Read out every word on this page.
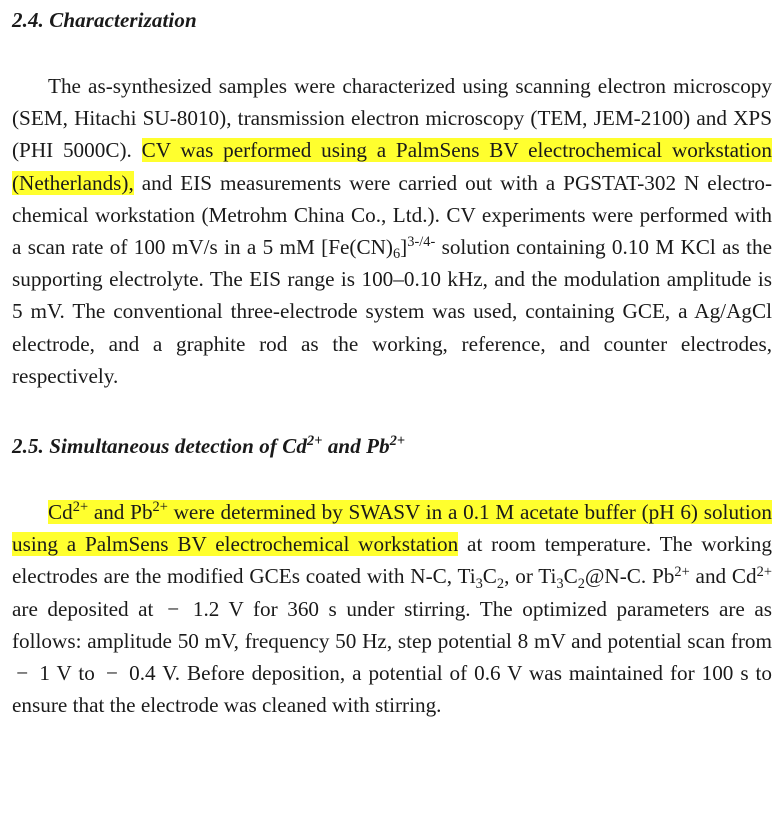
2.4. Characterization

The as-synthesized samples were characterized using scanning electron microscopy (SEM, Hitachi SU-8010), transmission electron microscopy (TEM, JEM-2100) and XPS (PHI 5000C). CV was performed using a PalmSens BV electrochemical workstation (Netherlands), and EIS measurements were carried out with a PGSTAT-302 N electrochemical workstation (Metrohm China Co., Ltd.). CV experiments were performed with a scan rate of 100 mV/s in a 5 mM $[Fe(CN)_6]^{3-/4-}$ solution containing 0.10 M KCl as the supporting electrolyte. The EIS range is 100–0.10 kHz, and the modulation amplitude is 5 mV. The conventional three-electrode system was used, containing GCE, a Ag/AgCl electrode, and a graphite rod as the working, reference, and counter electrodes, respectively.

2.5. Simultaneous detection of $Cd^{2+}$ and $Pb^{2+}$

$Cd^{2+}$ and $Pb^{2+}$ were determined by SWASV in a 0.1 M acetate buffer (pH 6) solution using a PalmSens BV electrochemical workstation at room temperature. The working electrodes are the modified GCEs coated with N-C, $Ti_3C_2$, or $Ti_3C_2@N-C$. $Pb^{2+}$ and $Cd^{2+}$ are deposited at  −  1.2 V for 360 s under stirring. The optimized parameters are as follows: amplitude 50 mV, frequency 50 Hz, step potential 8 mV and potential scan from  −  1 V to  −  0.4 V. Before deposition, a potential of 0.6 V was maintained for 100 s to ensure that the electrode was cleaned with stirring.
